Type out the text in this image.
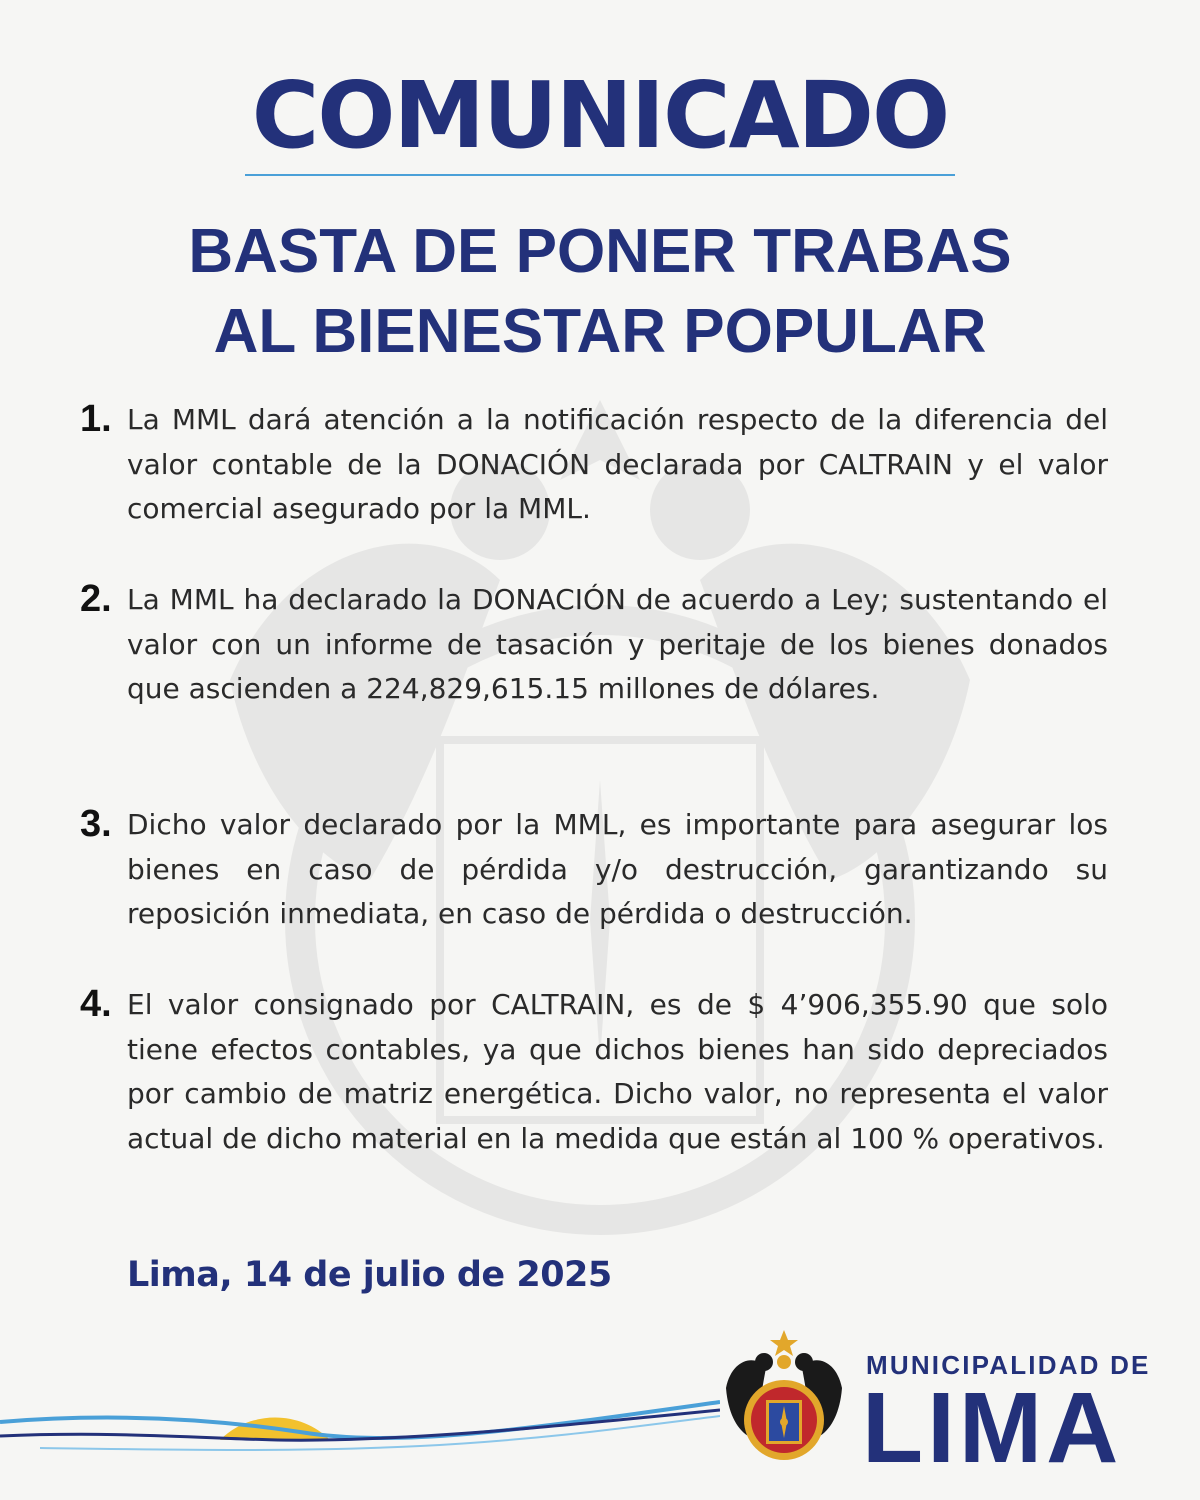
COMUNICADO
BASTA DE PONER TRABAS
AL BIENESTAR POPULAR
1. La MML dará atención a la notificación respecto de la diferencia del valor contable de la DONACIÓN declarada por CALTRAIN y el valor comercial asegurado por la MML.

2. La MML ha declarado la DONACIÓN de acuerdo a Ley; sustentando el valor con un informe de tasación y peritaje de los bienes donados que ascienden a 224,829,615.15 millones de dólares.

3. Dicho valor declarado por la MML, es importante para asegurar los bienes en caso de pérdida y/o destrucción, garantizando su reposición inmediata, en caso de pérdida o destrucción.

4. El valor consignado por CALTRAIN, es de $ 4’906,355.90 que solo tiene efectos contables, ya que dichos bienes han sido depreciados por cambio de matriz energética. Dicho valor, no representa el valor actual de dicho material en la medida que están al 100 % operativos.

Lima, 14 de julio de 2025
MUNICIPALIDAD DE
LIMA
